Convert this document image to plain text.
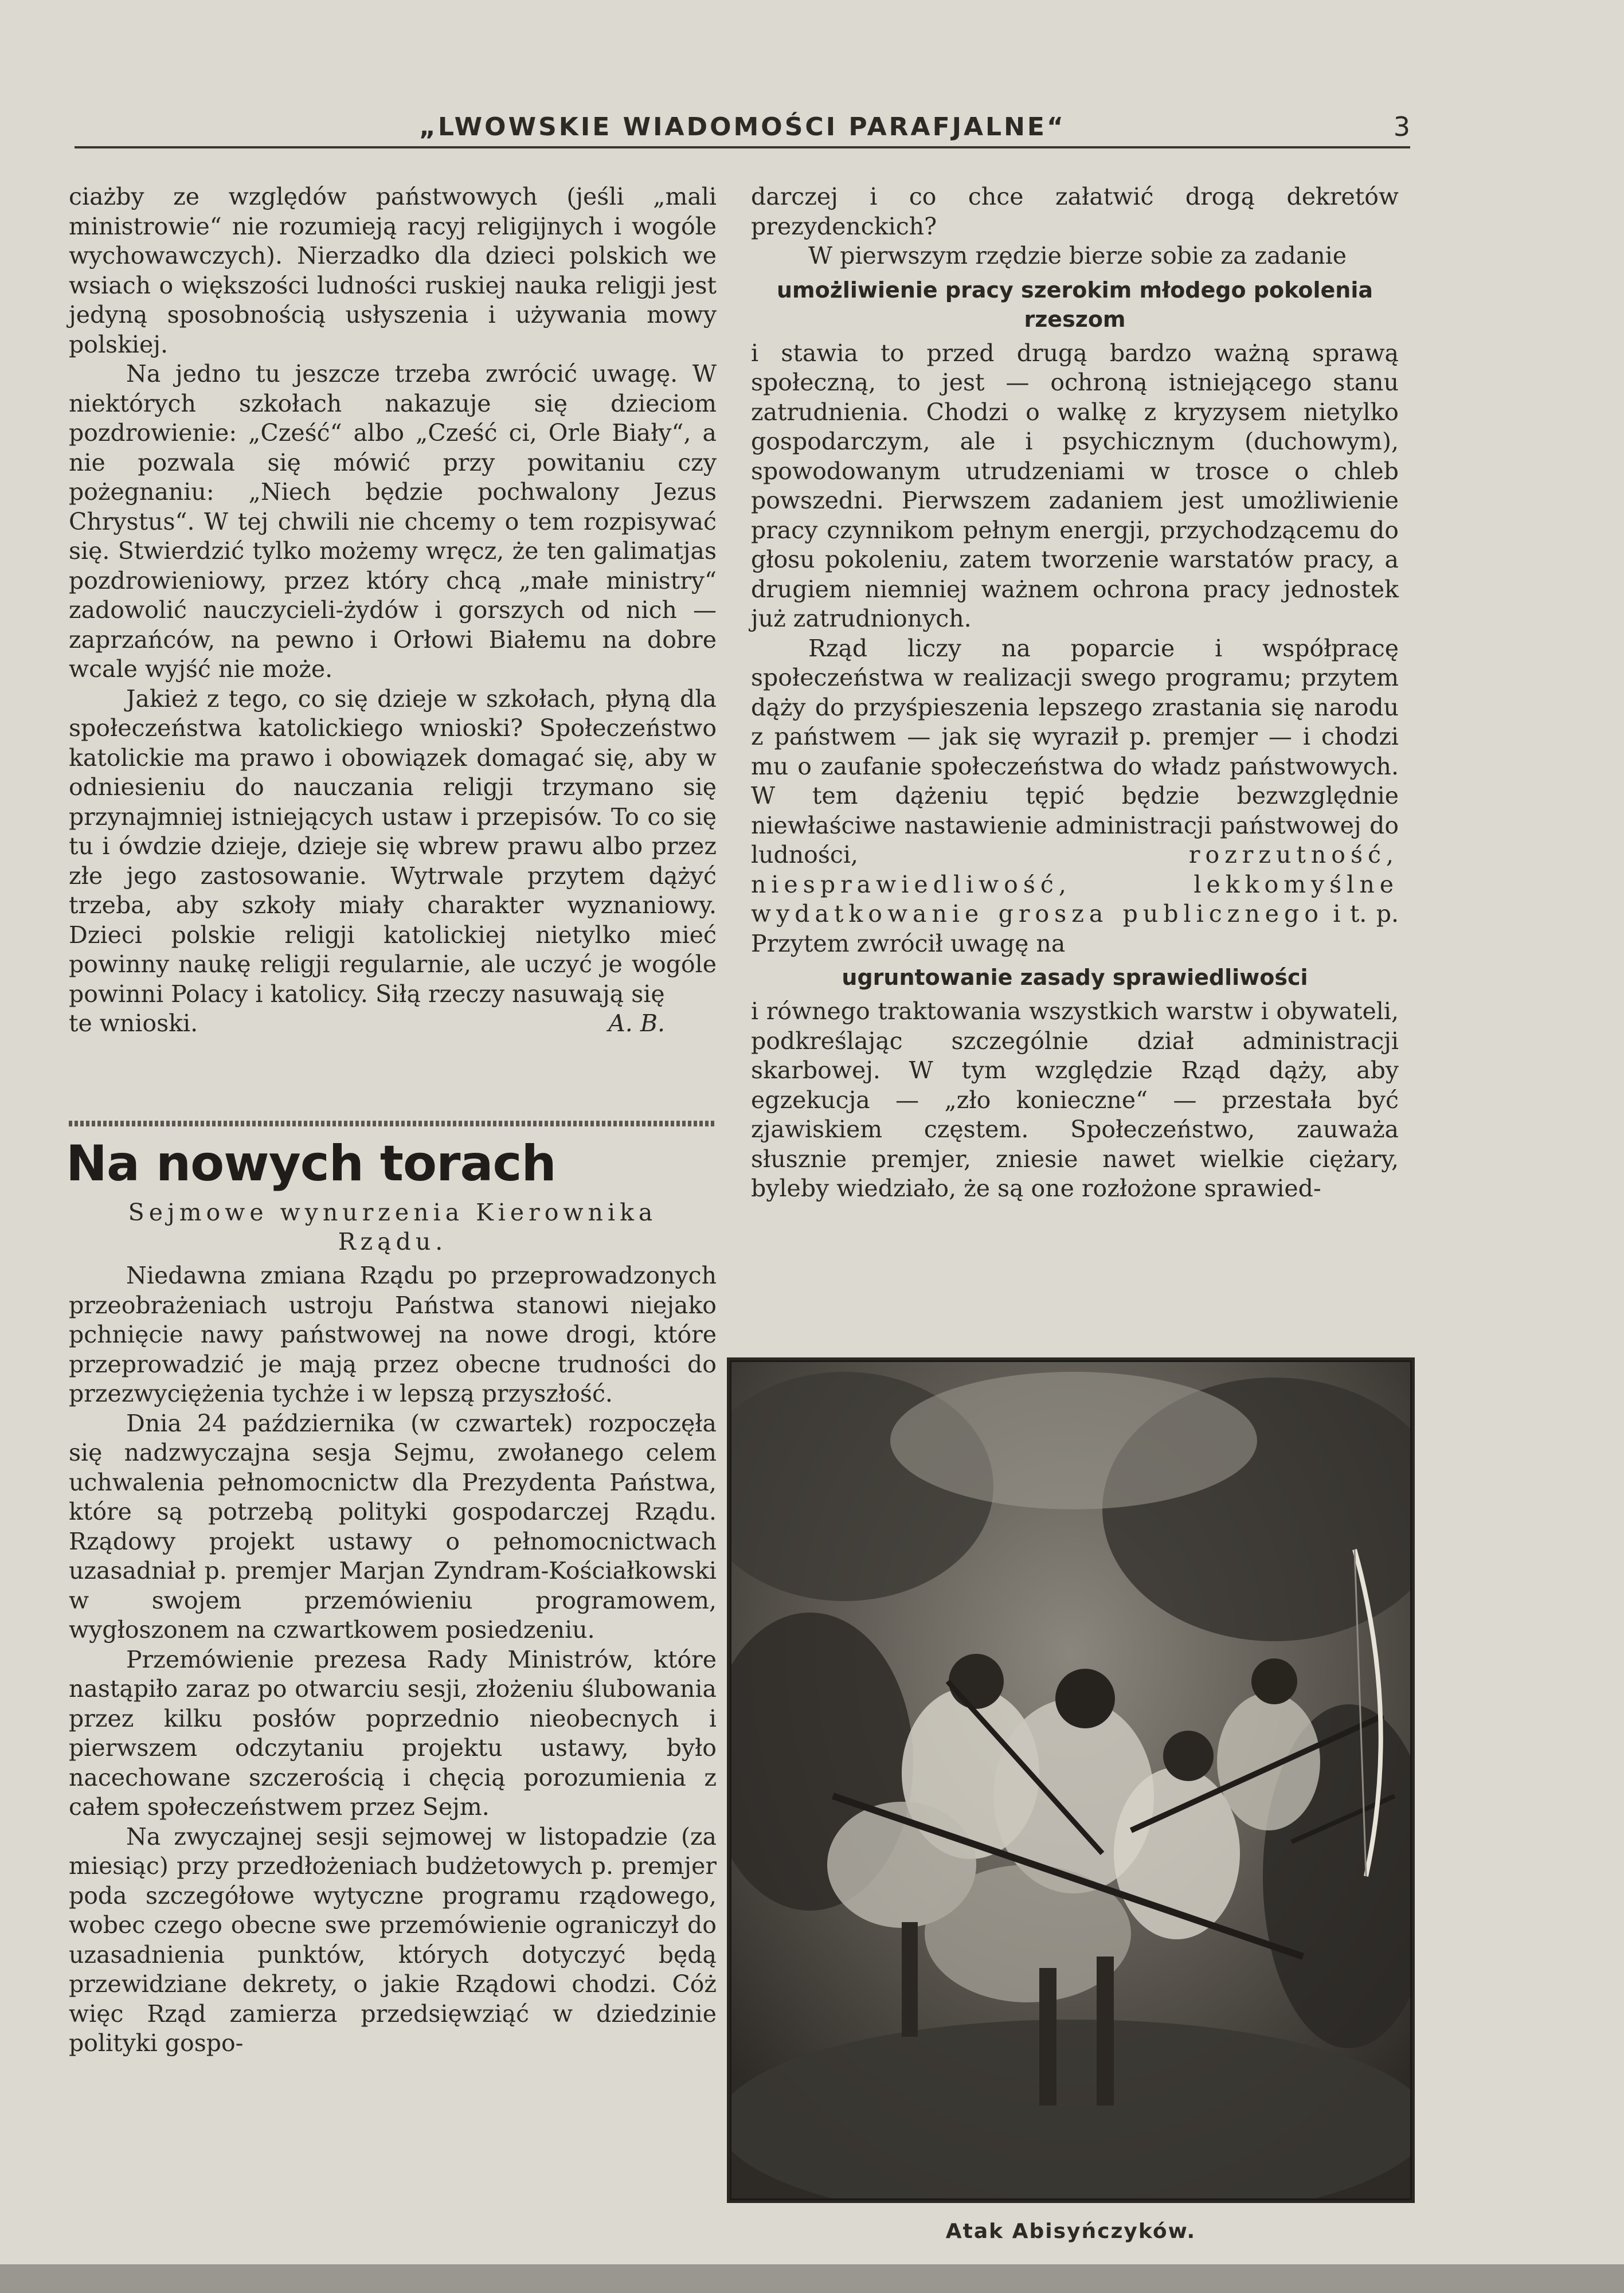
„LWOWSKIE WIADOMOŚCI PARAFJALNE“	3

ciażby ze względów państwowych (jeśli „mali ministrowie“ nie rozumieją racyj religijnych i wogóle wychowawczych). Nierzadko dla dzieci polskich we wsiach o większości ludności ruskiej nauka religji jest jedyną sposobnością usłyszenia i używania mowy polskiej.

Na jedno tu jeszcze trzeba zwrócić uwagę. W niektórych szkołach nakazuje się dzieciom pozdrowienie: „Cześć“ albo „Cześć ci, Orle Biały“, a nie pozwala się mówić przy powitaniu czy pożegnaniu: „Niech będzie pochwalony Jezus Chrystus“. W tej chwili nie chcemy o tem rozpisywać się. Stwierdzić tylko możemy wręcz, że ten galimatjas pozdrowieniowy, przez który chcą „małe ministry“ zadowolić nauczycieli-żydów i gorszych od nich — zaprzańców, na pewno i Orłowi Białemu na dobre wcale wyjść nie może.

Jakież z tego, co się dzieje w szkołach, płyną dla społeczeństwa katolickiego wnioski? Społeczeństwo katolickie ma prawo i obowiązek domagać się, aby w odniesieniu do nauczania religji trzymano się przynajmniej istniejących ustaw i przepisów. To co się tu i ówdzie dzieje, dzieje się wbrew prawu albo przez złe jego zastosowanie. Wytrwale przytem dążyć trzeba, aby szkoły miały charakter wyznaniowy. Dzieci polskie religji katolickiej nietylko mieć powinny naukę religji regularnie, ale uczyć je wogóle powinni Polacy i katolicy. Siłą rzeczy nasuwają się

te wnioski.	A. B.
Na nowych torach
Sejmowe wynurzenia Kierownika Rządu.

Niedawna zmiana Rządu po przeprowadzonych przeobrażeniach ustroju Państwa stanowi niejako pchnięcie nawy państwowej na nowe drogi, które przeprowadzić je mają przez obecne trudności do przezwyciężenia tychże i w lepszą przyszłość.

Dnia 24 października (w czwartek) rozpoczęła się nadzwyczajna sesja Sejmu, zwołanego celem uchwalenia pełnomocnictw dla Prezydenta Państwa, które są potrzebą polityki gospodarczej Rządu. Rządowy projekt ustawy o pełnomocnictwach uzasadniał p. premjer Marjan Zyndram-Kościałkowski w swojem przemówieniu programowem, wygłoszonem na czwartkowem posiedzeniu.

Przemówienie prezesa Rady Ministrów, które nastąpiło zaraz po otwarciu sesji, złożeniu ślubowania przez kilku posłów poprzednio nieobecnych i pierwszem odczytaniu projektu ustawy, było nacechowane szczerością i chęcią porozumienia z całem społeczeństwem przez Sejm.

Na zwyczajnej sesji sejmowej w listopadzie (za miesiąc) przy przedłożeniach budżetowych p. premjer poda szczegółowe wytyczne programu rządowego, wobec czego obecne swe przemówienie ograniczył do uzasadnienia punktów, których dotyczyć będą przewidziane dekrety, o jakie Rządowi chodzi. Cóż więc Rząd zamierza przedsięwziąć w dziedzinie polityki gospo-

darczej i co chce załatwić drogą dekretów prezydenckich?

W pierwszym rzędzie bierze sobie za zadanie

umożliwienie pracy szerokim młodego pokolenia rzeszom

i stawia to przed drugą bardzo ważną sprawą społeczną, to jest — ochroną istniejącego stanu zatrudnienia. Chodzi o walkę z kryzysem nietylko gospodarczym, ale i psychicznym (duchowym), spowodowanym utrudzeniami w trosce o chleb powszedni. Pierwszem zadaniem jest umożliwienie pracy czynnikom pełnym energji, przychodzącemu do głosu pokoleniu, zatem tworzenie warstatów pracy, a drugiem niemniej ważnem ochrona pracy jednostek już zatrudnionych.

Rząd liczy na poparcie i współpracę społeczeństwa w realizacji swego programu; przytem dąży do przyśpieszenia lepszego zrastania się narodu z państwem — jak się wyraził p. premjer — i chodzi mu o zaufanie społeczeństwa do władz państwowych. W tem dążeniu tępić będzie bezwzględnie niewłaściwe nastawienie administracji państwowej do ludności,	rozrzutność, niesprawiedliwość, lekkomyślne wydatkowanie grosza publicznego i t. p. Przytem zwrócił uwagę na

ugruntowanie zasady sprawiedliwości

i równego traktowania wszystkich warstw i obywateli, podkreślając szczególnie dział administracji skarbowej. W tym względzie Rząd dąży, aby egzekucja — „zło konieczne“ — przestała być zjawiskiem częstem. Społeczeństwo, zauważa słusznie premjer, zniesie nawet wielkie ciężary, byleby wiedziało, że są one rozłożone sprawied-

Atak Abisyńczyków.
